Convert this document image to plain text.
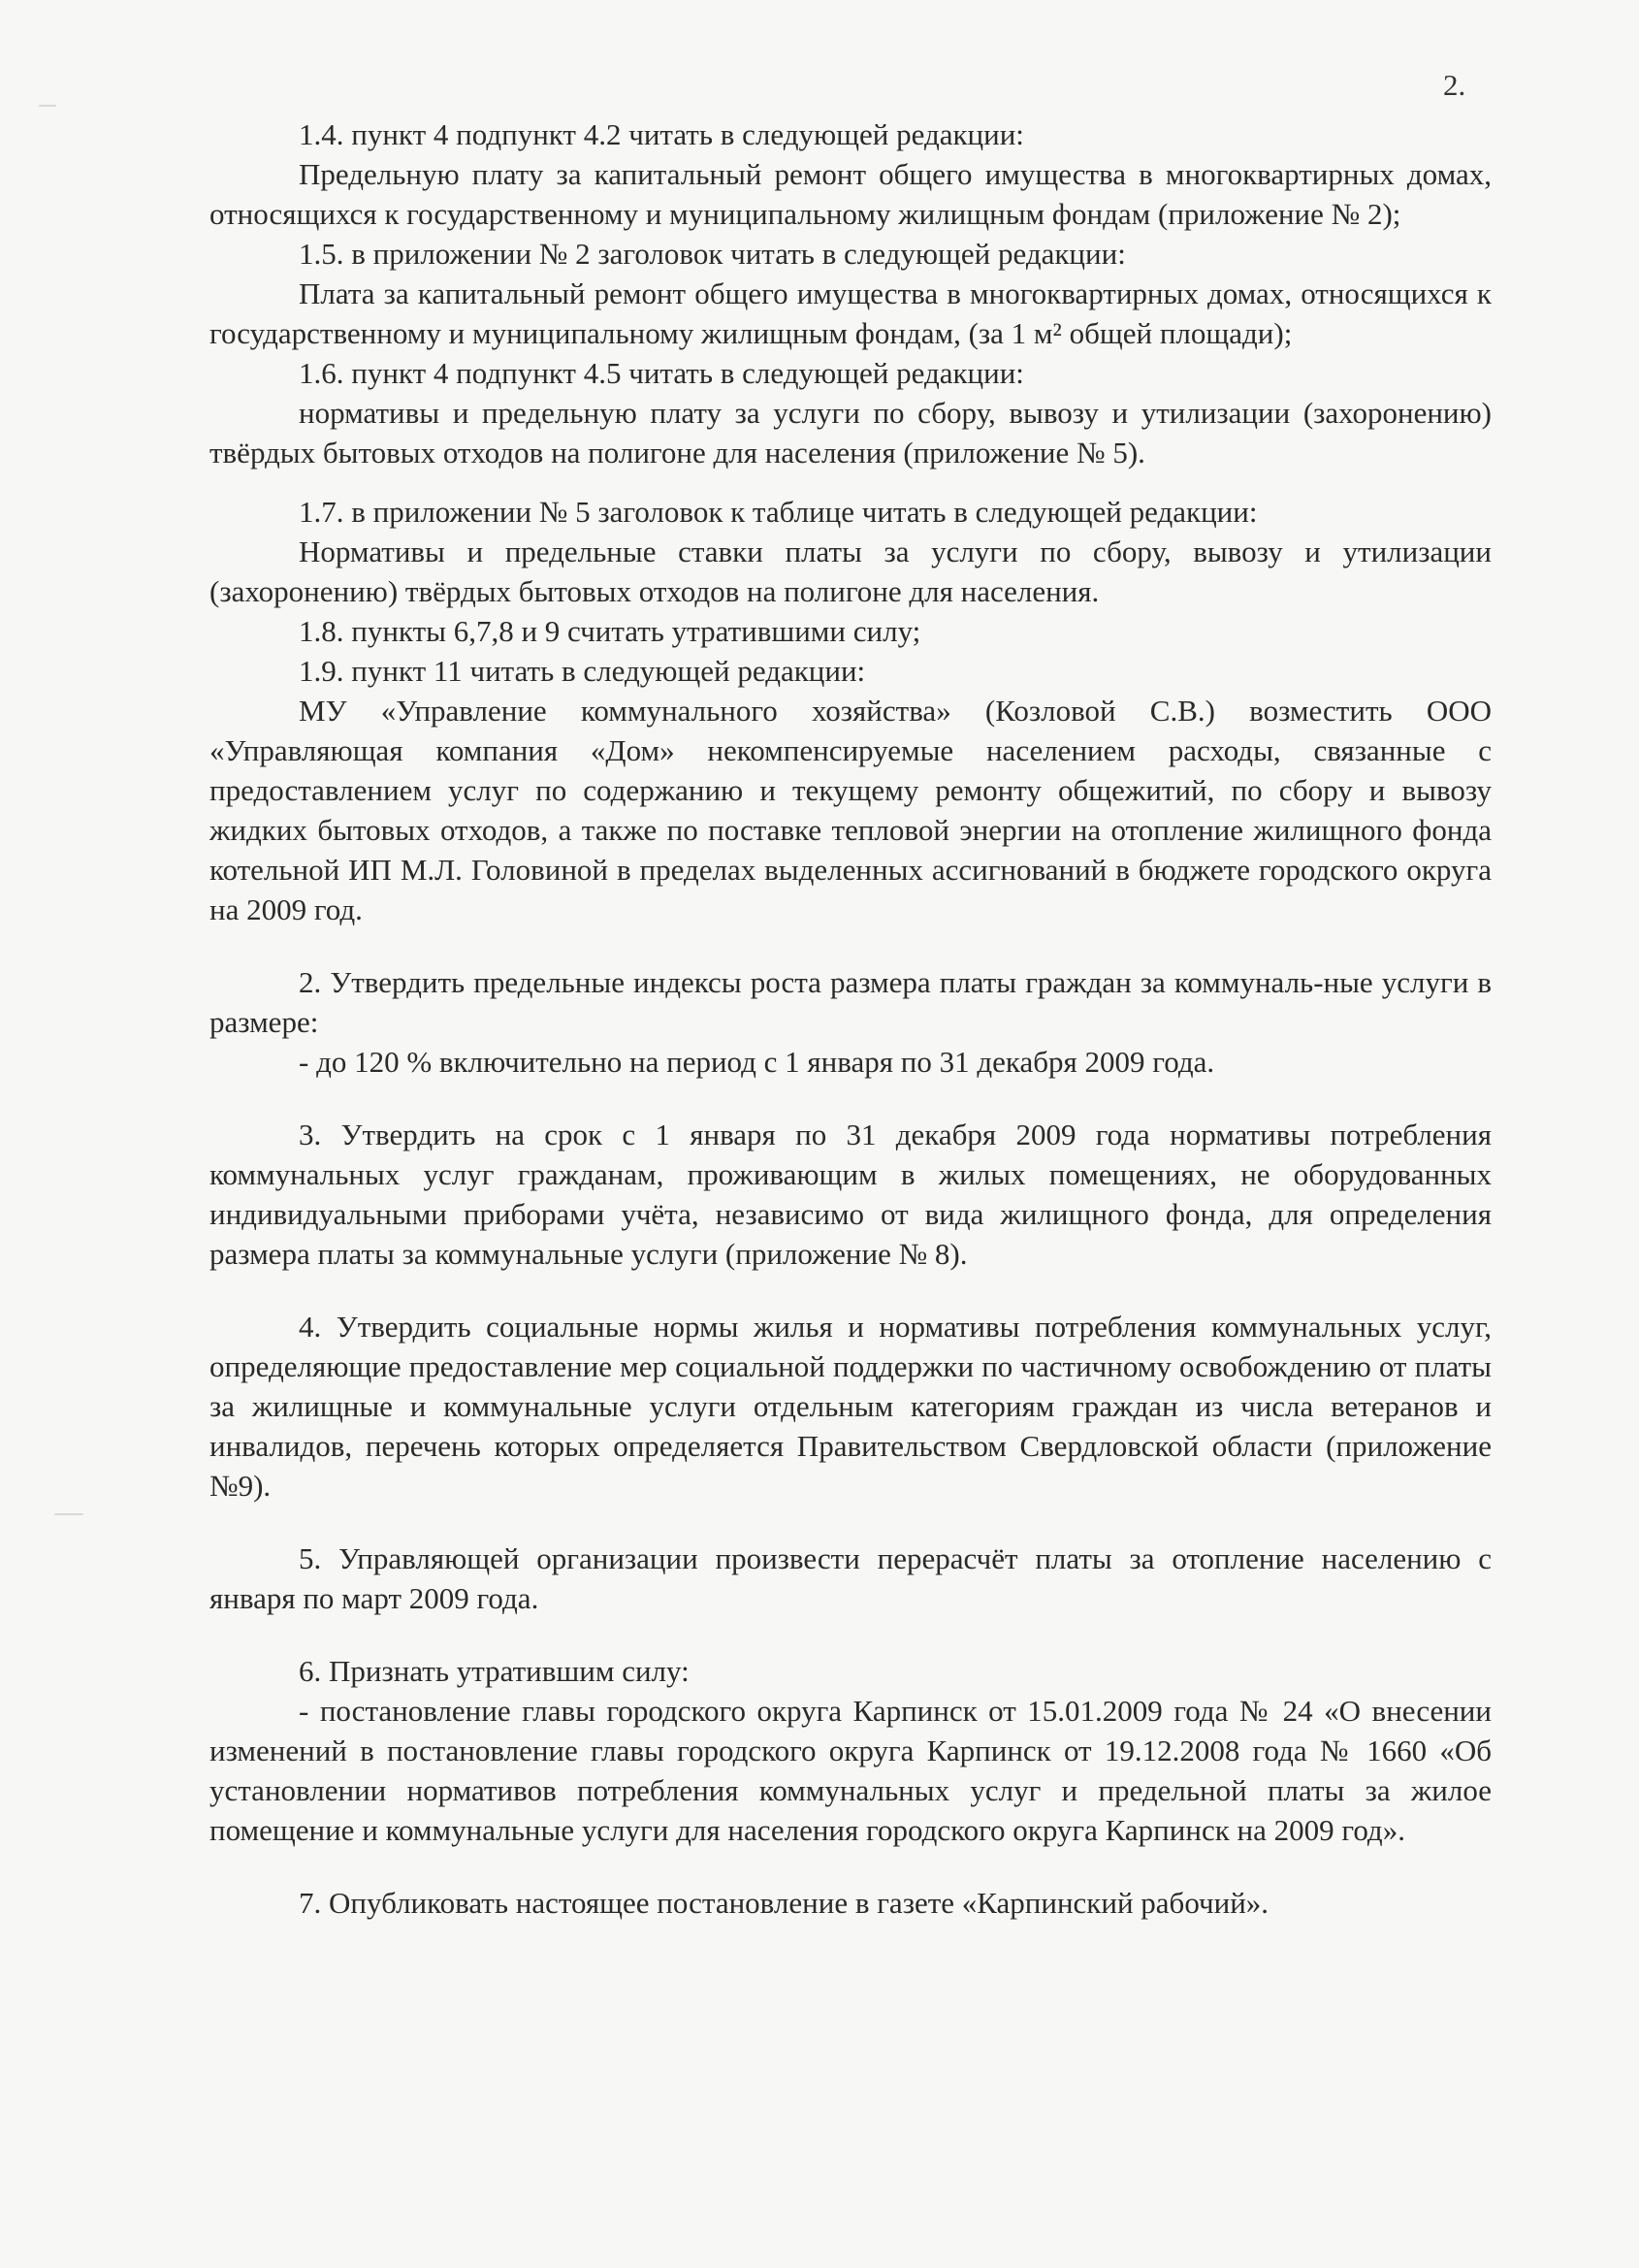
2.

1.4. пункт 4 подпункт 4.2 читать в следующей редакции:

Предельную плату за капитальный ремонт общего имущества в многоквартирных домах, относящихся к государственному и муниципальному жилищным фондам (приложение № 2);

1.5. в приложении № 2 заголовок читать в следующей редакции:

Плата за капитальный ремонт общего имущества в многоквартирных домах, относящихся к государственному и муниципальному жилищным фондам, (за 1 м² общей площади);

1.6. пункт 4 подпункт 4.5 читать в следующей редакции:

нормативы и предельную плату за услуги по сбору, вывозу и утилизации (захоронению) твёрдых бытовых отходов на полигоне для населения (приложение № 5).

1.7. в приложении № 5 заголовок к таблице читать в следующей редакции:

Нормативы и предельные ставки платы за услуги по сбору, вывозу и утилизации (захоронению) твёрдых бытовых отходов на полигоне для населения.

1.8. пункты 6,7,8 и 9 считать утратившими силу;

1.9. пункт 11 читать в следующей редакции:

МУ «Управление коммунального хозяйства» (Козловой С.В.) возместить ООО «Управляющая компания «Дом» некомпенсируемые населением расходы, связанные с предоставлением услуг по содержанию и текущему ремонту общежитий, по сбору и вывозу жидких бытовых отходов, а также по поставке тепловой энергии на отопление жилищного фонда котельной ИП М.Л. Головиной в пределах выделенных ассигнований в бюджете городского округа на 2009 год.

2. Утвердить предельные индексы роста размера платы граждан за коммуналь-ные услуги в размере:

- до 120 % включительно на период с 1 января по 31 декабря 2009 года.

3. Утвердить на срок с 1 января по 31 декабря 2009 года нормативы потребления коммунальных услуг гражданам, проживающим в жилых помещениях, не оборудованных индивидуальными приборами учёта, независимо от вида жилищного фонда, для определения размера платы за коммунальные услуги (приложение № 8).

4. Утвердить социальные нормы жилья и нормативы потребления коммунальных услуг, определяющие предоставление мер социальной поддержки по частичному освобождению от платы за жилищные и коммунальные услуги отдельным категориям граждан из числа ветеранов и инвалидов, перечень которых определяется Правительством Свердловской области (приложение №9).

5. Управляющей организации произвести перерасчёт платы за отопление населению с января по март 2009 года.

6. Признать утратившим силу:

- постановление главы городского округа Карпинск от 15.01.2009 года № 24 «О внесении изменений в постановление главы городского округа Карпинск от 19.12.2008 года № 1660 «Об установлении нормативов потребления коммунальных услуг и предельной платы за жилое помещение и коммунальные услуги для населения городского округа Карпинск на 2009 год».

7. Опубликовать настоящее постановление в газете «Карпинский рабочий».
